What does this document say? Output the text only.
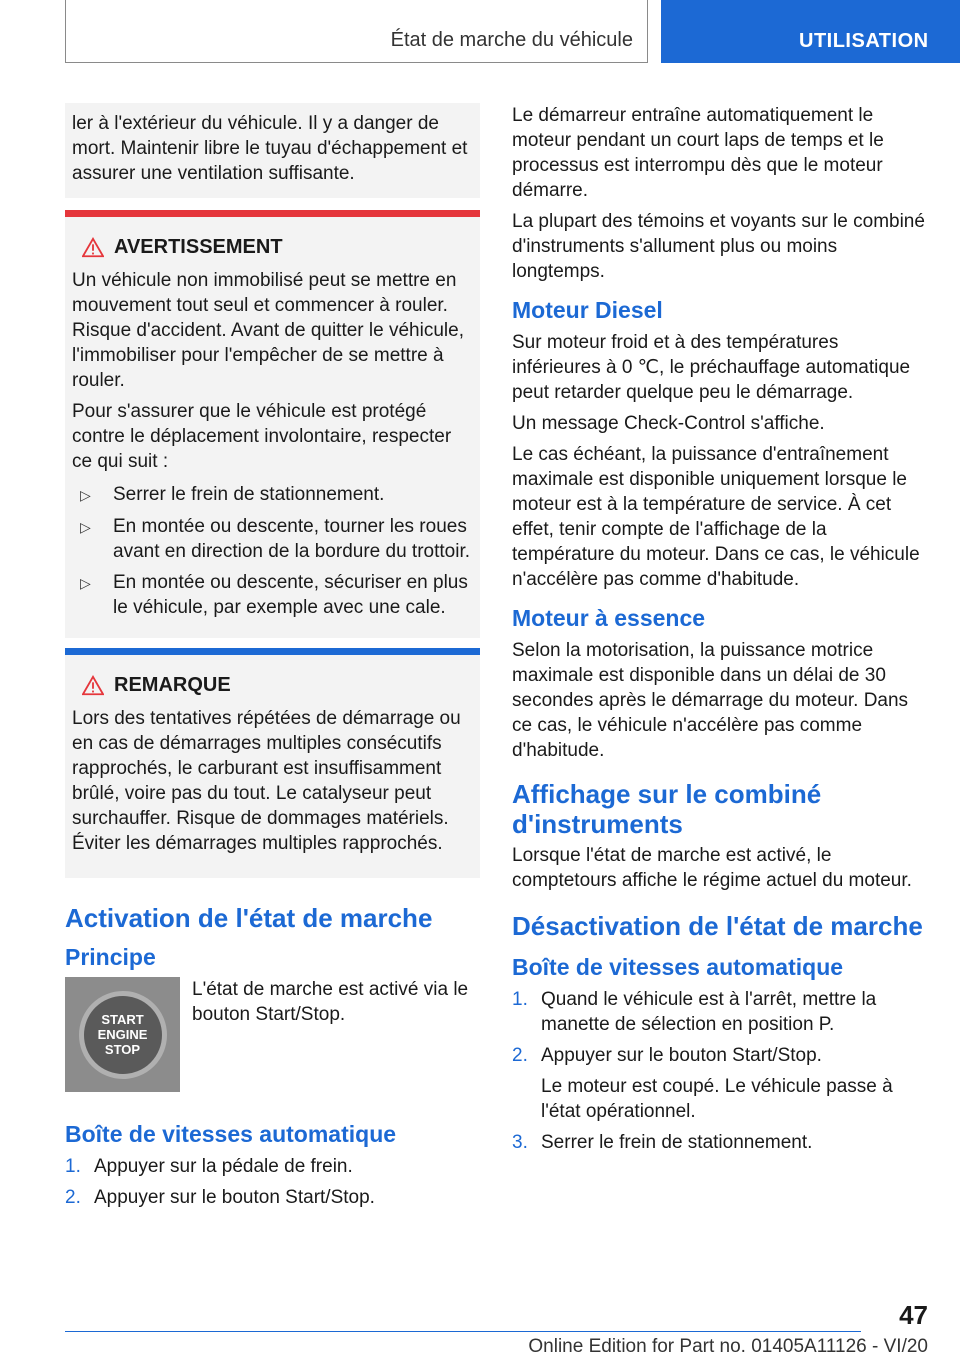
État de marche du véhicule	UTILISATION

ler à l'extérieur du véhicule. Il y a danger de mort. Maintenir libre le tuyau d'échappement et assurer une ventilation suffisante.

AVERTISSEMENT

Un véhicule non immobilisé peut se mettre en mouvement tout seul et commencer à rouler. Risque d'accident. Avant de quitter le véhicule, l'immobiliser pour l'empêcher de se mettre à rouler.

Pour s'assurer que le véhicule est protégé contre le déplacement involontaire, respecter ce qui suit :

▷	Serrer le frein de stationnement.
▷	En montée ou descente, tourner les roues avant en direction de la bordure du trottoir.
▷	En montée ou descente, sécuriser en plus le véhicule, par exemple avec une cale.
REMARQUE

Lors des tentatives répétées de démarrage ou en cas de démarrages multiples consécutifs rapprochés, le carburant est insuffisamment brûlé, voire pas du tout. Le catalyseur peut surchauffer. Risque de dommages matériels. Éviter les démarrages multiples rapprochés.

Activation de l'état de marche
Principe
START
ENGINE
STOP

L'état de marche est activé via le bouton Start/Stop.

Boîte de vitesses automatique
1. Appuyer sur la pédale de frein.
2. Appuyer sur le bouton Start/Stop.

Le démarreur entraîne automatiquement le moteur pendant un court laps de temps et le processus est interrompu dès que le moteur démarre.

La plupart des témoins et voyants sur le combiné d'instruments s'allument plus ou moins longtemps.

Moteur Diesel

Sur moteur froid et à des températures inférieures à 0 ℃, le préchauffage automatique peut retarder quelque peu le démarrage.

Un message Check-Control s'affiche.

Le cas échéant, la puissance d'entraînement maximale est disponible uniquement lorsque le moteur est à la température de service. À cet effet, tenir compte de l'affichage de la température du moteur. Dans ce cas, le véhicule n'accélère pas comme d'habitude.

Moteur à essence

Selon la motorisation, la puissance motrice maximale est disponible dans un délai de 30 secondes après le démarrage du moteur. Dans ce cas, le véhicule n'accélère pas comme d'habitude.

Affichage sur le combiné d'instruments

Lorsque l'état de marche est activé, le comptetours affiche le régime actuel du moteur.

Désactivation de l'état de marche
Boîte de vitesses automatique
1. Quand le véhicule est à l'arrêt, mettre la manette de sélection en position P.
2. Appuyer sur le bouton Start/Stop.

Le moteur est coupé. Le véhicule passe à l'état opérationnel.

3. Serrer le frein de stationnement.
47
Online Edition for Part no. 01405A11126 - VI/20
